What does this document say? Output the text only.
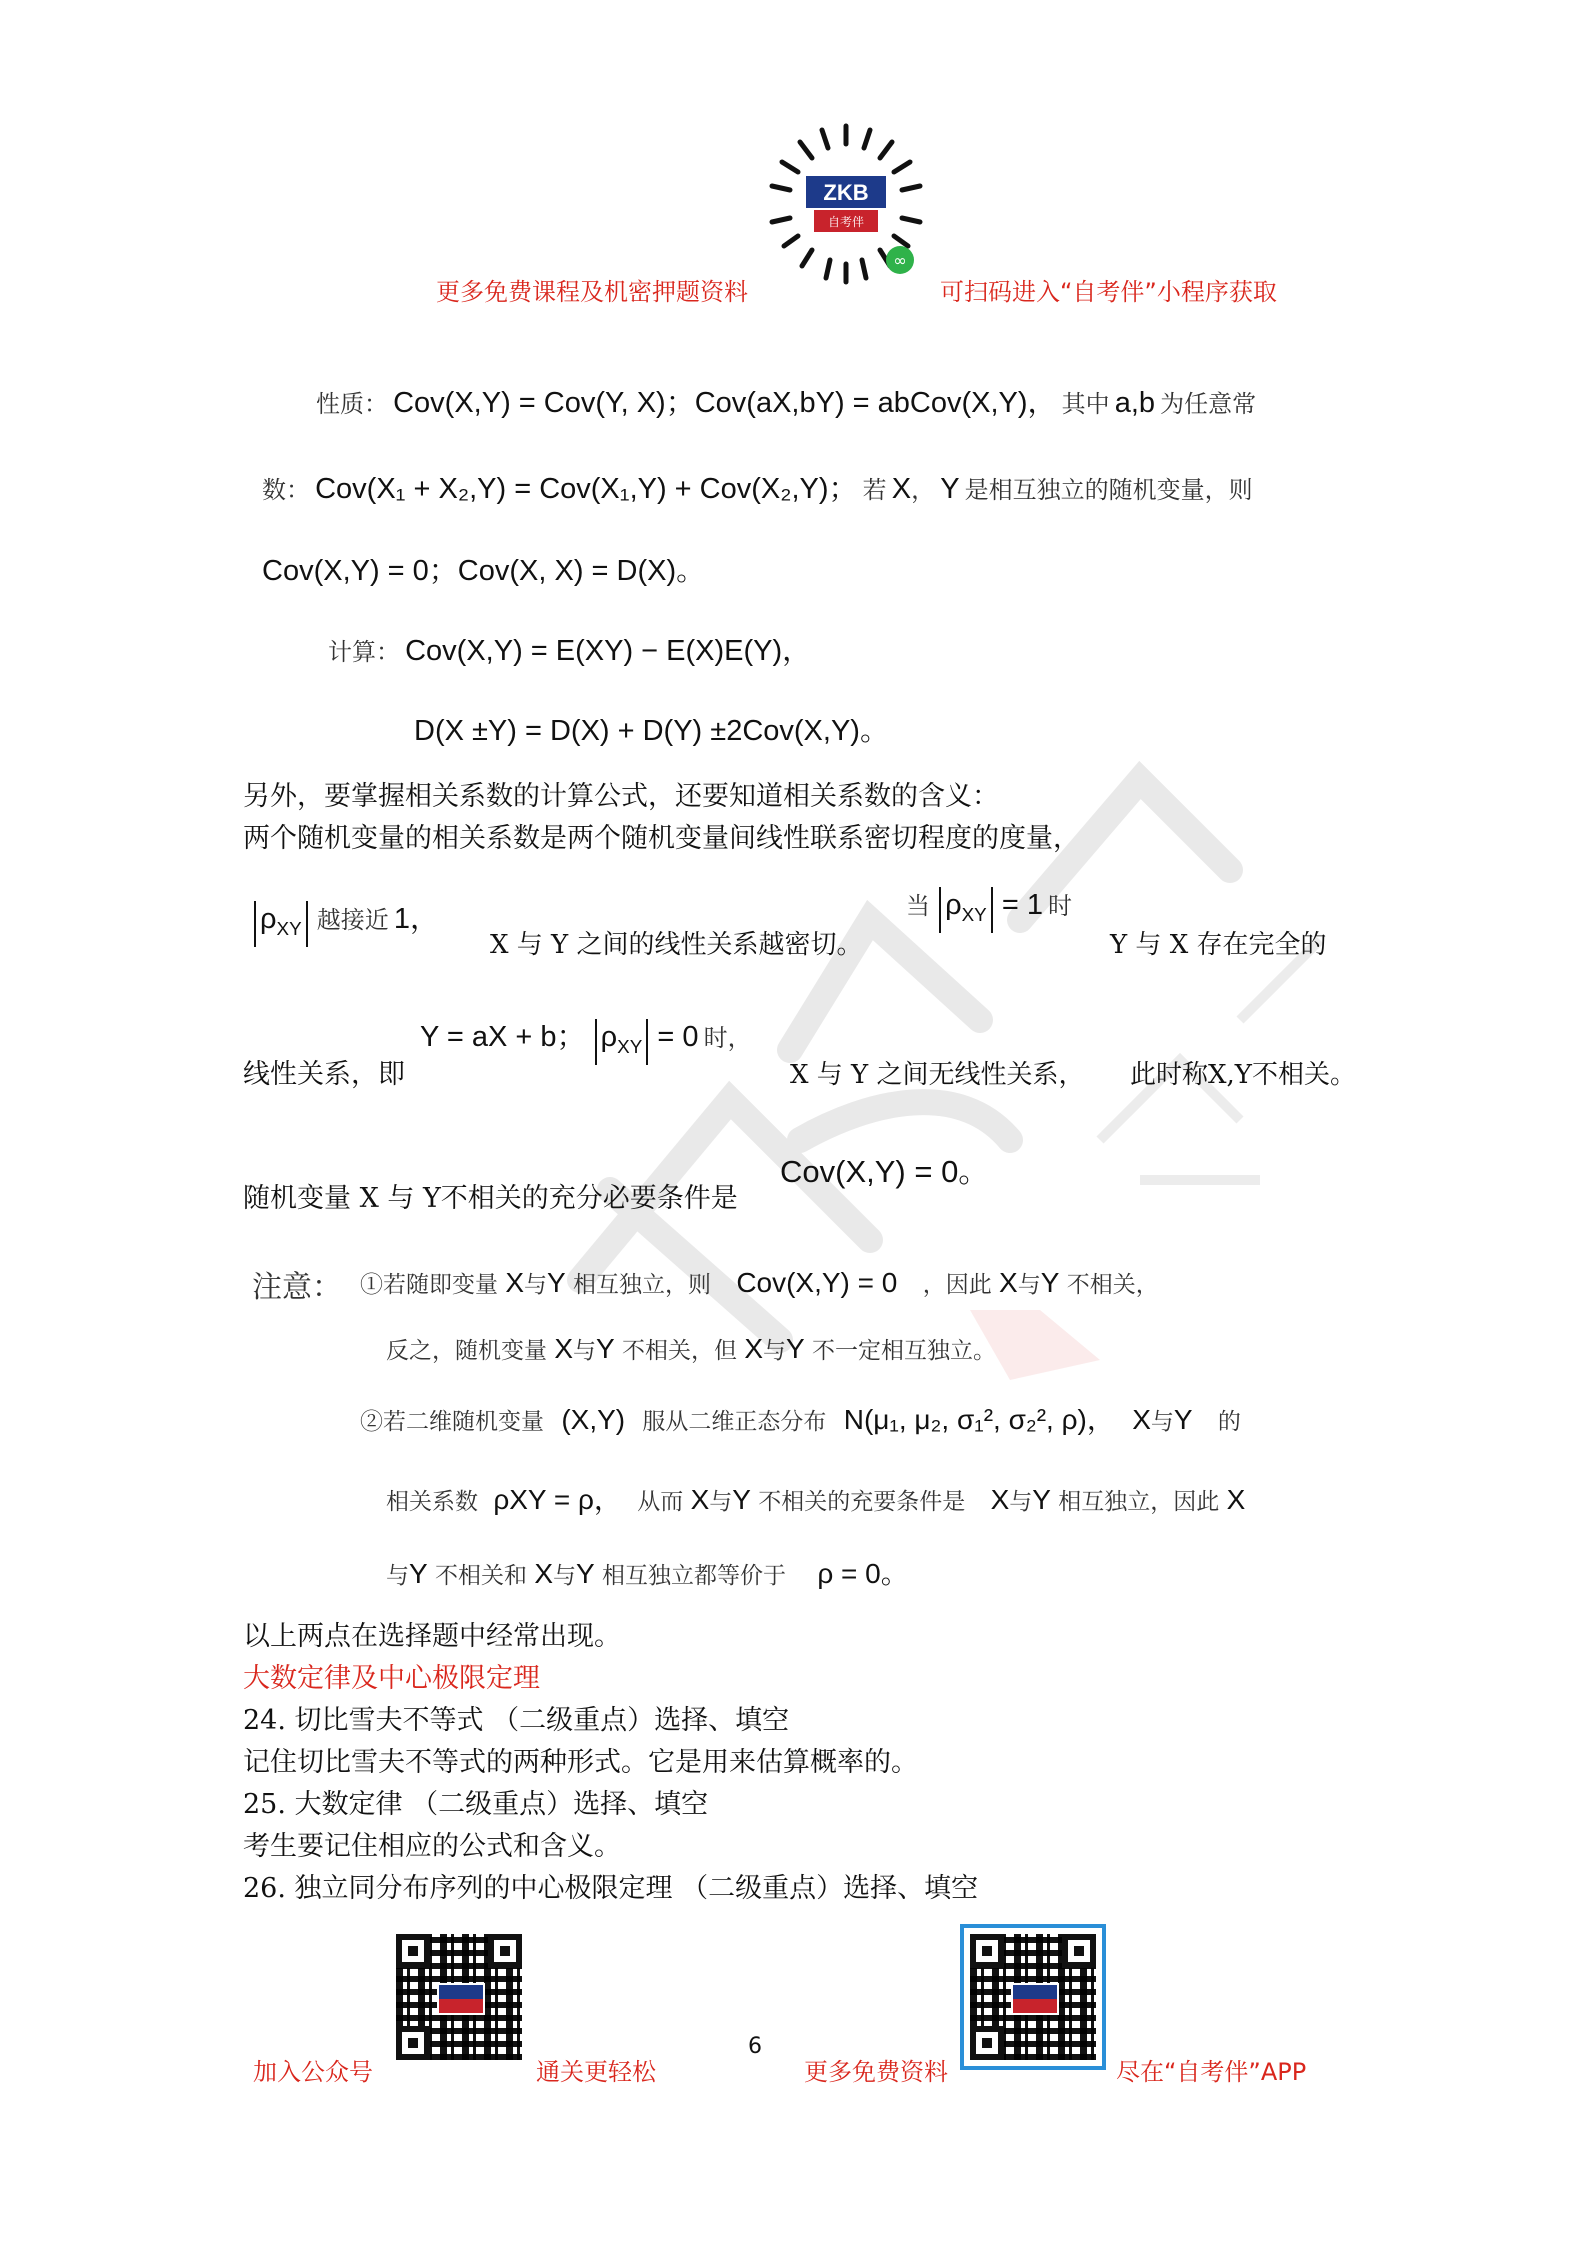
ZKB
自考伴
∞
更多免费课程及机密押题资料	可扫码进入“自考伴”小程序获取
性质： Cov(X,Y) = Cov(Y, X)；Cov(aX,bY) = abCov(X,Y)， 其中 a,b 为任意常
数： Cov(X₁ + X₂,Y) = Cov(X₁,Y) + Cov(X₂,Y)； 若 X， Y 是相互独立的随机变量，则
Cov(X,Y) = 0；Cov(X, X) = D(X)。
计算： Cov(X,Y) = E(XY) − E(X)E(Y)，
D(X ±Y) = D(X) + D(Y) ±2Cov(X,Y)。
另外，要掌握相关系数的计算公式，还要知道相关系数的含义：
两个随机变量的相关系数是两个随机变量间线性联系密切程度的度量，
$\rho_{XY}$ 越接近 1，
X 与 Y 之间的线性关系越密切。
当 $\rho_{XY} = 1$ 时
Y 与 X 存在完全的
线性关系，即
Y = aX + b； $\rho_{XY} = 0$ 时，
X 与 Y 之间无线性关系， 此时称X,Y不相关。
随机变量 X 与 Y不相关的充分必要条件是
Cov(X,Y) = 0。
注意： ①若随即变量 X与Y 相互独立，则 Cov(X,Y) = 0 ，因此 X与Y 不相关，
反之，随机变量 X与Y 不相关，但 X与Y 不一定相互独立。
②若二维随机变量 (X,Y) 服从二维正态分布 N(μ₁, μ₂, σ₁², σ₂², ρ)， X与Y 的
相关系数 ρXY = ρ， 从而 X与Y 不相关的充要条件是 X与Y 相互独立，因此 X
与Y 不相关和 X与Y 相互独立都等价于 ρ = 0。
以上两点在选择题中经常出现。
大数定律及中心极限定理
24. 切比雪夫不等式 （二级重点）选择、填空
记住切比雪夫不等式的两种形式。它是用来估算概率的。
25. 大数定律 （二级重点）选择、填空
考生要记住相应的公式和含义。
26. 独立同分布序列的中心极限定理 （二级重点）选择、填空
加入公众号	通关更轻松
6
更多免费资料	尽在“自考伴”APP
